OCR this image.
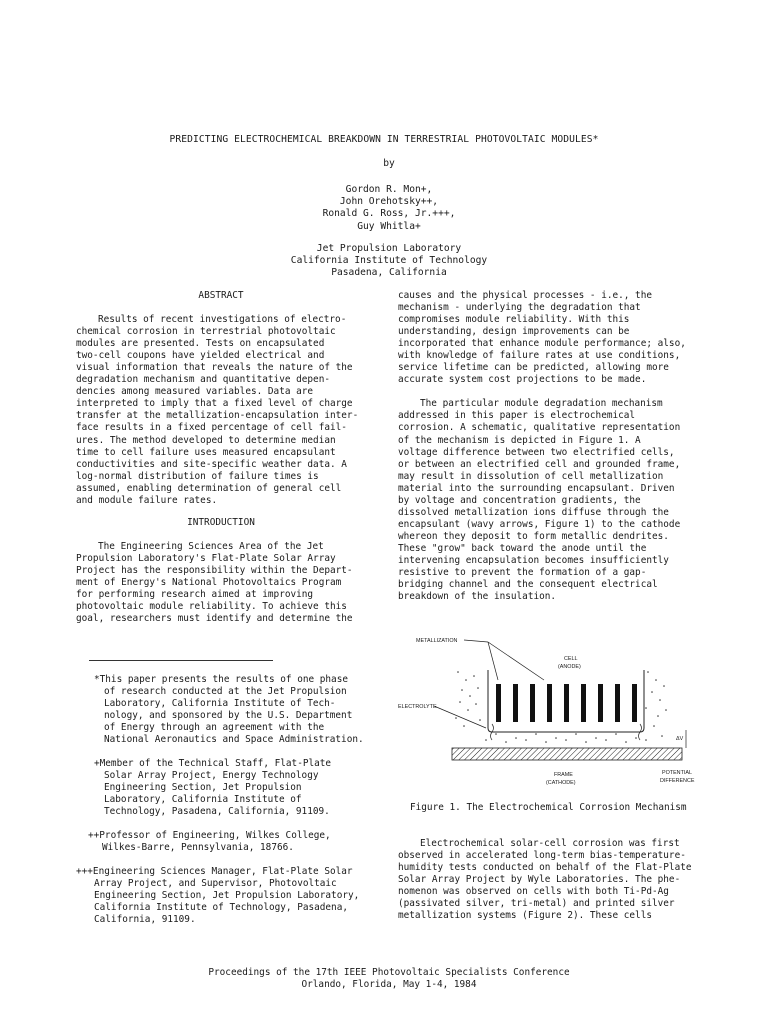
PREDICTING ELECTROCHEMICAL BREAKDOWN IN TERRESTRIAL PHOTOVOLTAIC MODULES*
by
Gordon R. Mon+,
John Orehotsky++,
Ronald G. Ross, Jr.+++,
Guy Whitla+
Jet Propulsion Laboratory
California Institute of Technology
Pasadena, California

ABSTRACT

Results of recent investigations of electro-
chemical corrosion in terrestrial photovoltaic
modules are presented. Tests on encapsulated
two-cell coupons have yielded electrical and
visual information that reveals the nature of the
degradation mechanism and quantitative depen-
dencies among measured variables. Data are
interpreted to imply that a fixed level of charge
transfer at the metallization-encapsulation inter-
face results in a fixed percentage of cell fail-
ures. The method developed to determine median
time to cell failure uses measured encapsulant
conductivities and site-specific weather data. A
log-normal distribution of failure times is
assumed, enabling determination of general cell
and module failure rates.

INTRODUCTION

The Engineering Sciences Area of the Jet
Propulsion Laboratory's Flat-Plate Solar Array
Project has the responsibility within the Depart-
ment of Energy's National Photovoltaics Program
for performing research aimed at improving
photovoltaic module reliability. To achieve this
goal, researchers must identify and determine the
causes and the physical processes - i.e., the
mechanism - underlying the degradation that
compromises module reliability. With this
understanding, design improvements can be
incorporated that enhance module performance; also,
with knowledge of failure rates at use conditions,
service lifetime can be predicted, allowing more
accurate system cost projections to be made.
The particular module degradation mechanism
addressed in this paper is electrochemical
corrosion. A schematic, qualitative representation
of the mechanism is depicted in Figure 1. A
voltage difference between two electrified cells,
or between an electrified cell and grounded frame,
may result in dissolution of cell metallization
material into the surrounding encapsulant. Driven
by voltage and concentration gradients, the
dissolved metallization ions diffuse through the
encapsulant (wavy arrows, Figure 1) to the cathode
whereon they deposit to form metallic dendrites.
These "grow" back toward the anode until the
intervening encapsulation becomes insufficiently
resistive to prevent the formation of a gap-
bridging channel and the consequent electrical
breakdown of the insulation.
METALLIZATION
CELL
(ANODE)
ELECTROLYTE
ΔV
FRAME
(CATHODE)
POTENTIAL
DIFFERENCE
Figure 1. The Electrochemical Corrosion Mechanism
Electrochemical solar-cell corrosion was first
observed in accelerated long-term bias-temperature-
humidity tests conducted on behalf of the Flat-Plate
Solar Array Project by Wyle Laboratories. The phe-
nomenon was observed on cells with both Ti-Pd-Ag
(passivated silver, tri-metal) and printed silver
metallization systems (Figure 2). These cells
*This paper presents the results of one phase
of research conducted at the Jet Propulsion
Laboratory, California Institute of Tech-
nology, and sponsored by the U.S. Department
of Energy through an agreement with the
National Aeronautics and Space Administration.
+Member of the Technical Staff, Flat-Plate
Solar Array Project, Energy Technology
Engineering Section, Jet Propulsion
Laboratory, California Institute of
Technology, Pasadena, California, 91109.
++Professor of Engineering, Wilkes College,
Wilkes-Barre, Pennsylvania, 18766.
+++Engineering Sciences Manager, Flat-Plate Solar
Array Project, and Supervisor, Photovoltaic
Engineering Section, Jet Propulsion Laboratory,
California Institute of Technology, Pasadena,
California, 91109.
Proceedings of the 17th IEEE Photovoltaic Specialists Conference
Orlando, Florida, May 1-4, 1984
